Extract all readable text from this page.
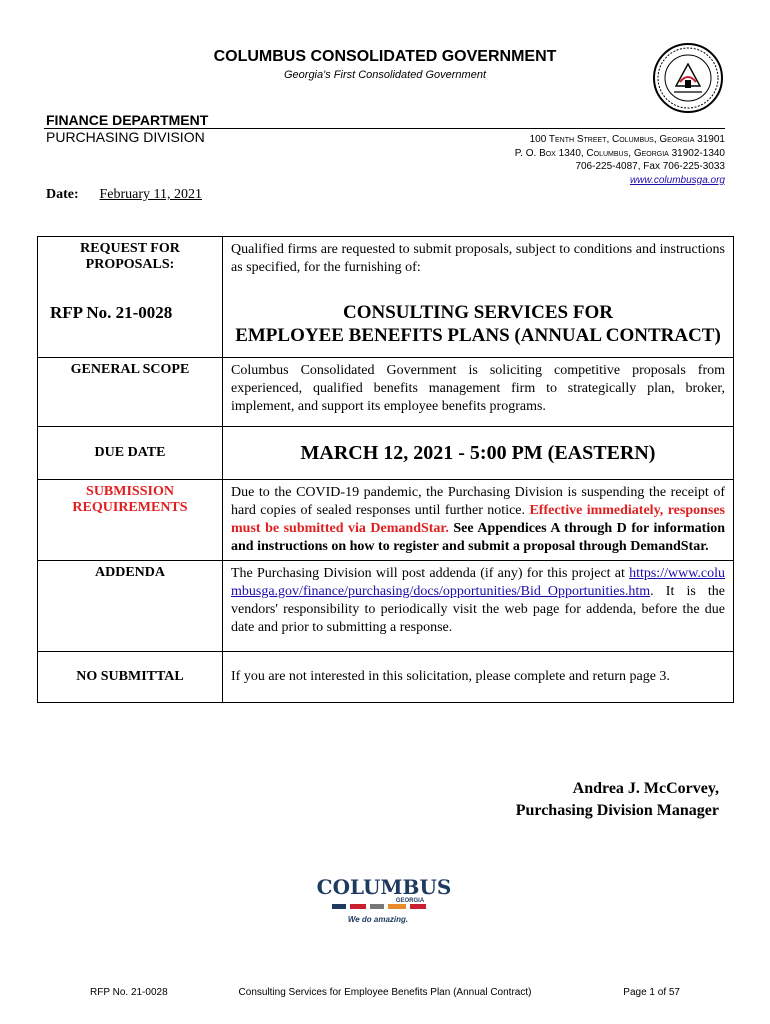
COLUMBUS CONSOLIDATED GOVERNMENT
Georgia's First Consolidated Government
FINANCE DEPARTMENT
PURCHASING DIVISION	100 Tenth Street, Columbus, Georgia 31901
P. O. Box 1340, Columbus, Georgia 31902-1340
706-225-4087, Fax 706-225-3033
www.columbusga.org
Date: February 11, 2021
REQUEST FOR PROPOSALS:	Qualified firms are requested to submit proposals, subject to conditions and instructions as specified, for the furnishing of:
RFP No. 21-0028	CONSULTING SERVICES FOR
EMPLOYEE BENEFITS PLANS (ANNUAL CONTRACT)

GENERAL SCOPE	Columbus Consolidated Government is soliciting competitive proposals from experienced, qualified benefits management firm to strategically plan, broker, implement, and support its employee benefits programs.
DUE DATE	MARCH 12, 2021 - 5:00 PM (EASTERN)
SUBMISSION REQUIREMENTS	Due to the COVID-19 pandemic, the Purchasing Division is suspending the receipt of hard copies of sealed responses until further notice. Effective immediately, responses must be submitted via DemandStar. See Appendices A through D for information and instructions on how to register and submit a proposal through DemandStar.
ADDENDA	The Purchasing Division will post addenda (if any) for this project at https://www.columbusga.gov/finance/purchasing/docs/opportunities/Bid_Opportunities.htm. It is the vendors' responsibility to periodically visit the web page for addenda, before the due date and prior to submitting a response.
NO SUBMITTAL	If you are not interested in this solicitation, please complete and return page 3.
Andrea J. McCorvey,
Purchasing Division Manager
COLUMBUS
GEORGIA
We do amazing.
RFP No. 21-0028	Consulting Services for Employee Benefits Plan (Annual Contract)	Page 1 of 57
